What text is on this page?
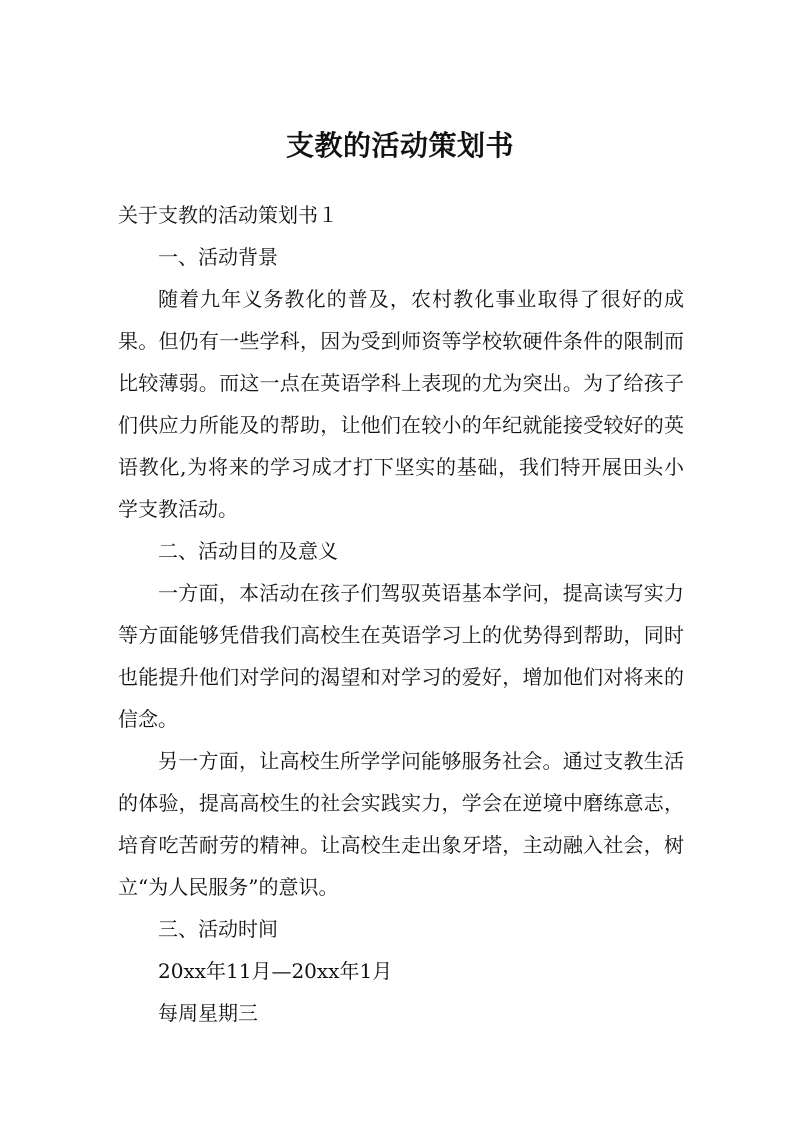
支教的活动策划书
关于支教的活动策划书１

一、活动背景

随着九年义务教化的普及，农村教化事业取得了很好的成果。但仍有一些学科，因为受到师资等学校软硬件条件的限制而比较薄弱。而这一点在英语学科上表现的尤为突出。为了给孩子们供应力所能及的帮助，让他们在较小的年纪就能接受较好的英语教化,为将来的学习成才打下坚实的基础，我们特开展田头小学支教活动。

二、活动目的及意义

一方面，本活动在孩子们驾驭英语基本学问，提高读写实力等方面能够凭借我们高校生在英语学习上的优势得到帮助，同时也能提升他们对学问的渴望和对学习的爱好，增加他们对将来的信念。

另一方面，让高校生所学学问能够服务社会。通过支教生活的体验，提高高校生的社会实践实力，学会在逆境中磨练意志，培育吃苦耐劳的精神。让高校生走出象牙塔，主动融入社会，树立“为人民服务”的意识。

三、活动时间

20xx年11月—20xx年1月

每周星期三
